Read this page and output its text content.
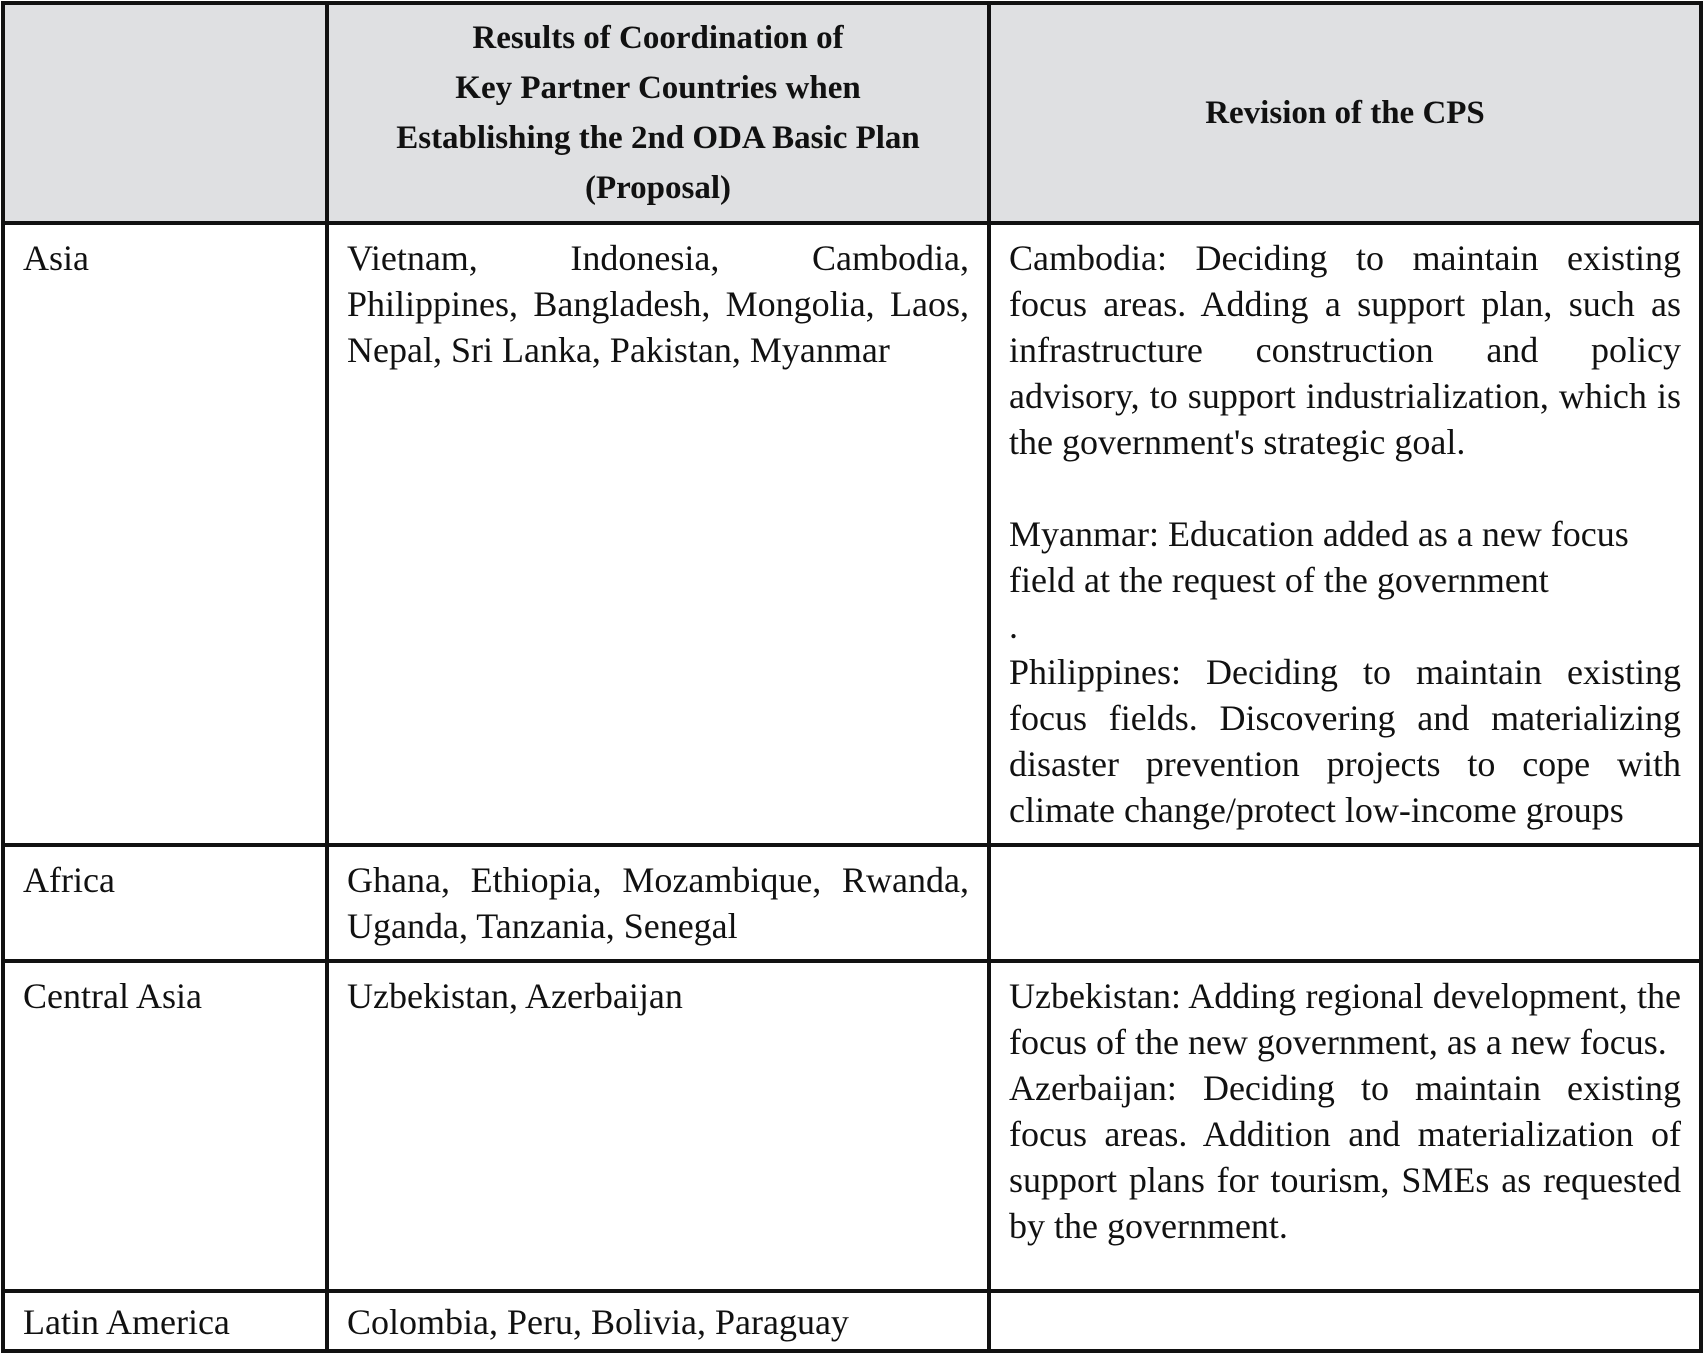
	Results of Coordination of
Key Partner Countries when
Establishing the 2nd ODA Basic Plan
(Proposal)	Revision of the CPS
Asia	Vietnam, Indonesia, Cambodia, Philippines, Bangladesh, Mongolia, Laos, Nepal, Sri Lanka, Pakistan, Myanmar	Cambodia: Deciding to maintain existing focus areas. Adding a support plan, such as infrastructure construction and policy advisory, to support industrialization, which is the government's strategic goal.

Myanmar: Education added as a new focus field at the request of the government

.

Philippines: Deciding to maintain existing focus fields. Discovering and materializing disaster prevention projects to cope with climate change/protect low-income groups

Africa	Ghana, Ethiopia, Mozambique, Rwanda, Uganda, Tanzania, Senegal	
Central Asia	Uzbekistan, Azerbaijan	Uzbekistan: Adding regional development, the focus of the new government, as a new focus.

Azerbaijan: Deciding to maintain existing focus areas. Addition and materialization of support plans for tourism, SMEs as requested by the government.

Latin America	Colombia, Peru, Bolivia, Paraguay	
